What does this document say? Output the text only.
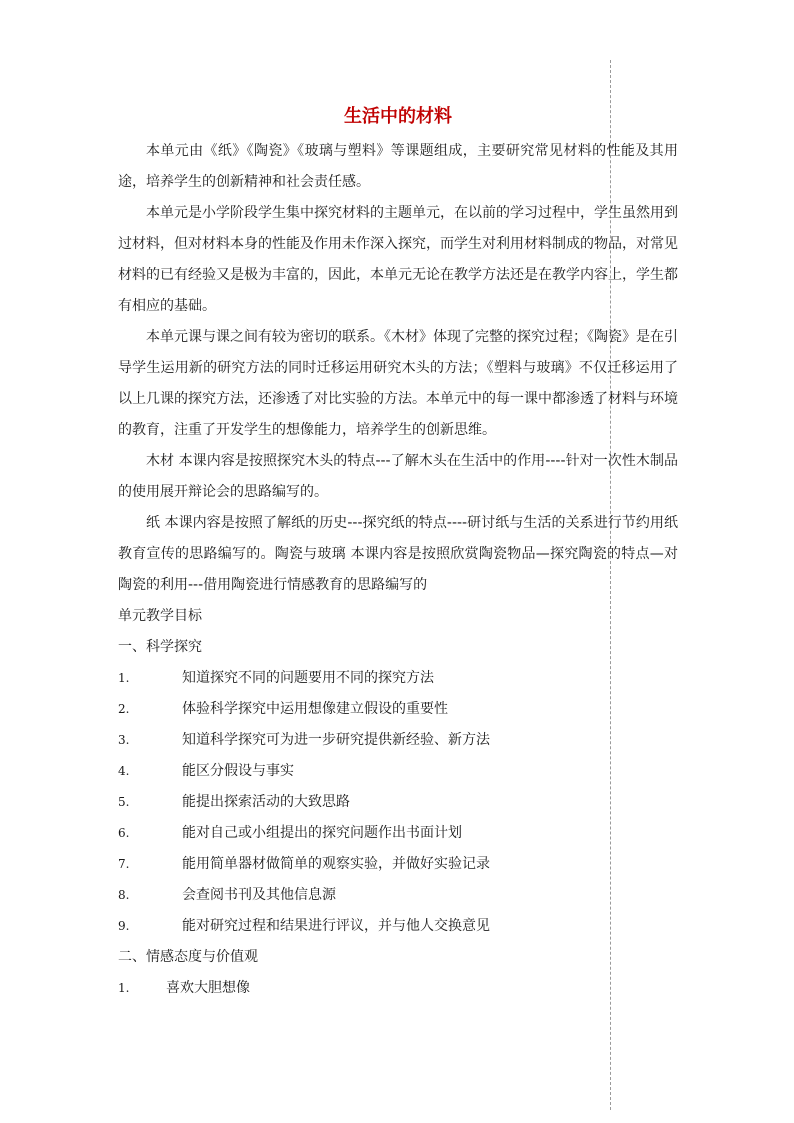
生活中的材料

本单元由《纸》《陶瓷》《玻璃与塑料》等课题组成，主要研究常见材料的性能及其用途，培养学生的创新精神和社会责任感。

本单元是小学阶段学生集中探究材料的主题单元，在以前的学习过程中，学生虽然用到过材料，但对材料本身的性能及作用未作深入探究，而学生对利用材料制成的物品，对常见材料的已有经验又是极为丰富的，因此，本单元无论在教学方法还是在教学内容上，学生都有相应的基础。

本单元课与课之间有较为密切的联系。《木材》体现了完整的探究过程；《陶瓷》是在引导学生运用新的研究方法的同时迁移运用研究木头的方法；《塑料与玻璃》不仅迁移运用了以上几课的探究方法，还渗透了对比实验的方法。本单元中的每一课中都渗透了材料与环境的教育，注重了开发学生的想像能力，培养学生的创新思维。

木材 本课内容是按照探究木头的特点---了解木头在生活中的作用----针对一次性木制品的使用展开辩论会的思路编写的。

纸 本课内容是按照了解纸的历史---探究纸的特点----研讨纸与生活的关系进行节约用纸教育宣传的思路编写的。陶瓷与玻璃 本课内容是按照欣赏陶瓷物品—探究陶瓷的特点—对陶瓷的利用---借用陶瓷进行情感教育的思路编写的

单元教学目标

一、科学探究

1.	知道探究不同的问题要用不同的探究方法
2.	体验科学探究中运用想像建立假设的重要性
3.	知道科学探究可为进一步研究提供新经验、新方法
4.	能区分假设与事实
5.	能提出探索活动的大致思路
6.	能对自己或小组提出的探究问题作出书面计划
7.	能用简单器材做简单的观察实验，并做好实验记录
8.	会查阅书刊及其他信息源
9.	能对研究过程和结果进行评议，并与他人交换意见

二、情感态度与价值观

1.	喜欢大胆想像
